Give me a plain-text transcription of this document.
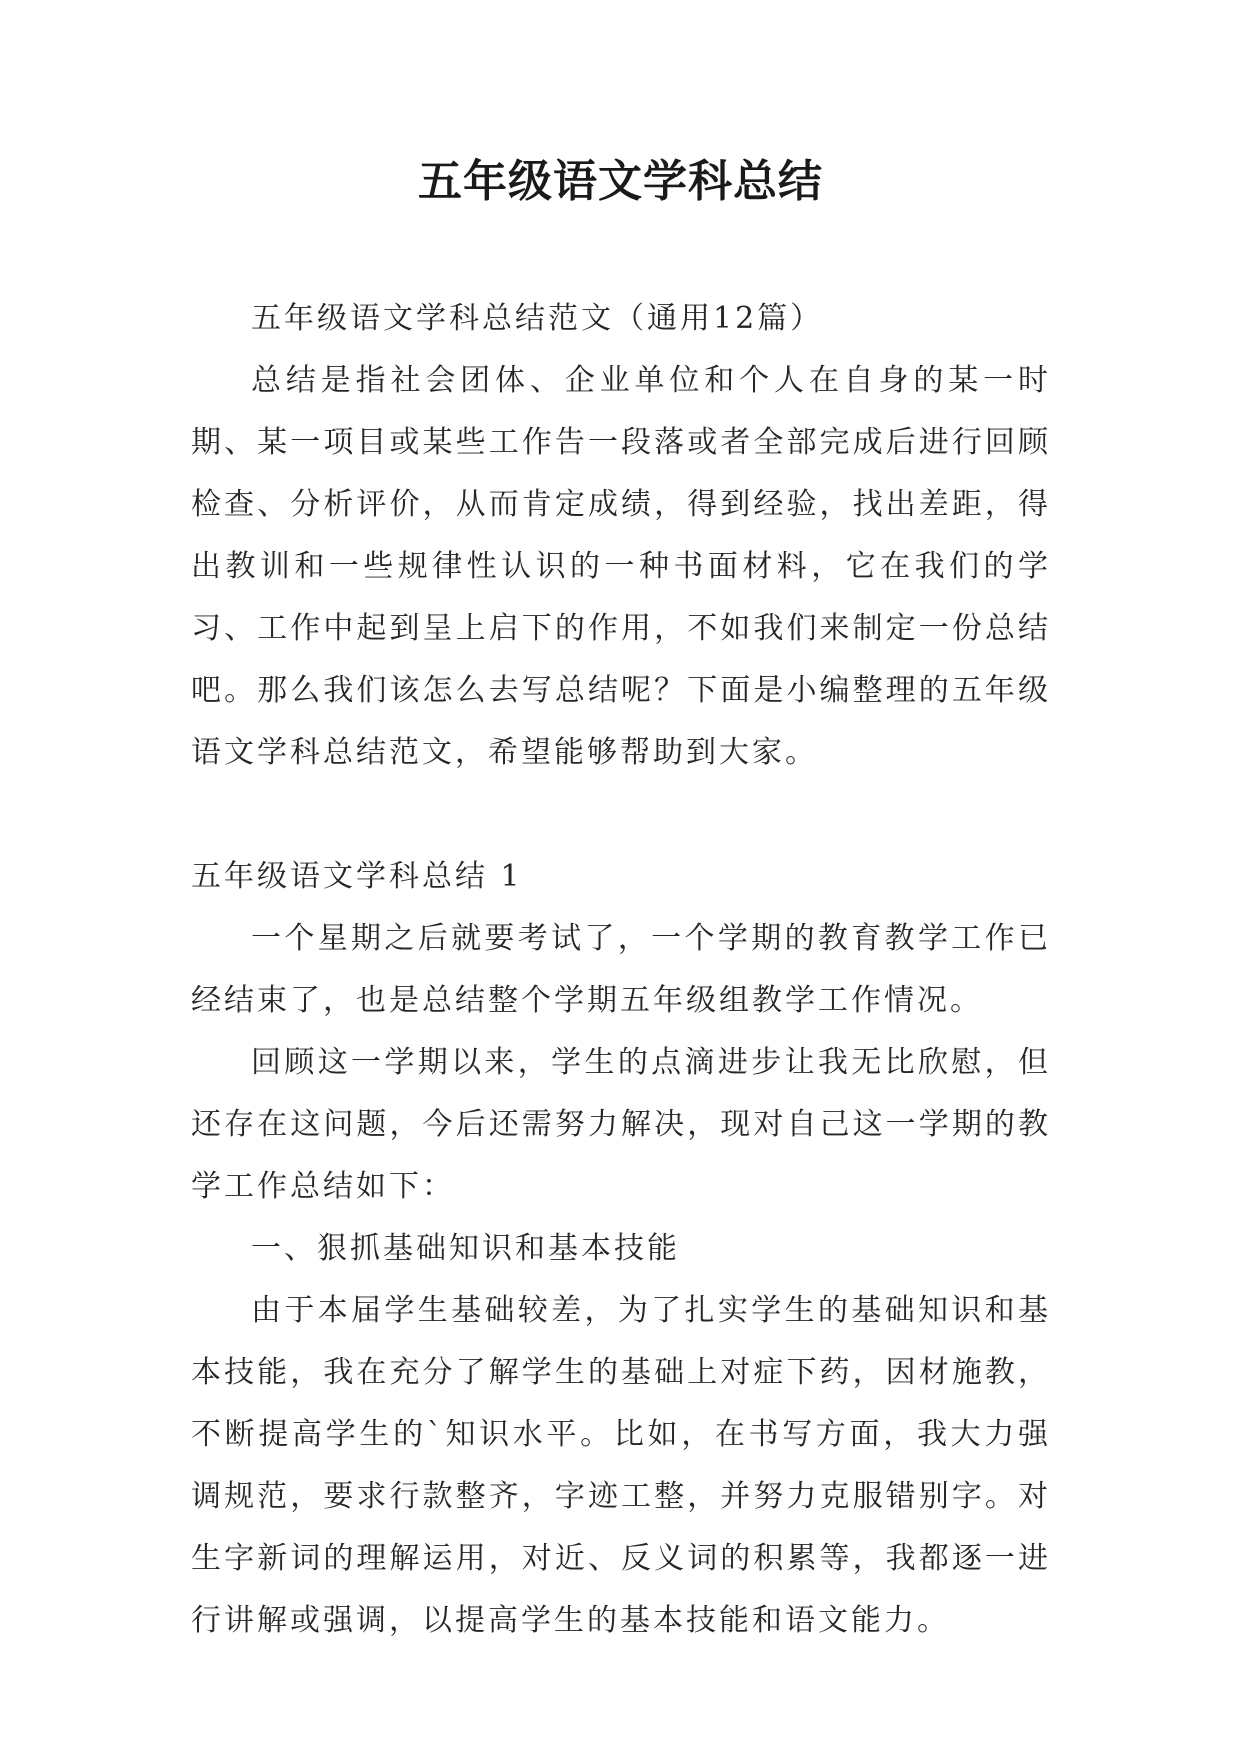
五年级语文学科总结

五年级语文学科总结范文（通用12篇）

总结是指社会团体、企业单位和个人在自身的某一时期、某一项目或某些工作告一段落或者全部完成后进行回顾检查、分析评价，从而肯定成绩，得到经验，找出差距，得出教训和一些规律性认识的一种书面材料，它在我们的学习、工作中起到呈上启下的作用，不如我们来制定一份总结吧。那么我们该怎么去写总结呢？下面是小编整理的五年级语文学科总结范文，希望能够帮助到大家。

五年级语文学科总结 1

一个星期之后就要考试了，一个学期的教育教学工作已经结束了，也是总结整个学期五年级组教学工作情况。

回顾这一学期以来，学生的点滴进步让我无比欣慰，但还存在这问题，今后还需努力解决，现对自己这一学期的教学工作总结如下：

一、狠抓基础知识和基本技能

由于本届学生基础较差，为了扎实学生的基础知识和基本技能，我在充分了解学生的基础上对症下药，因材施教，不断提高学生的`知识水平。比如，在书写方面，我大力强调规范，要求行款整齐，字迹工整，并努力克服错别字。对生字新词的理解运用，对近、反义词的积累等，我都逐一进行讲解或强调，以提高学生的基本技能和语文能力。
